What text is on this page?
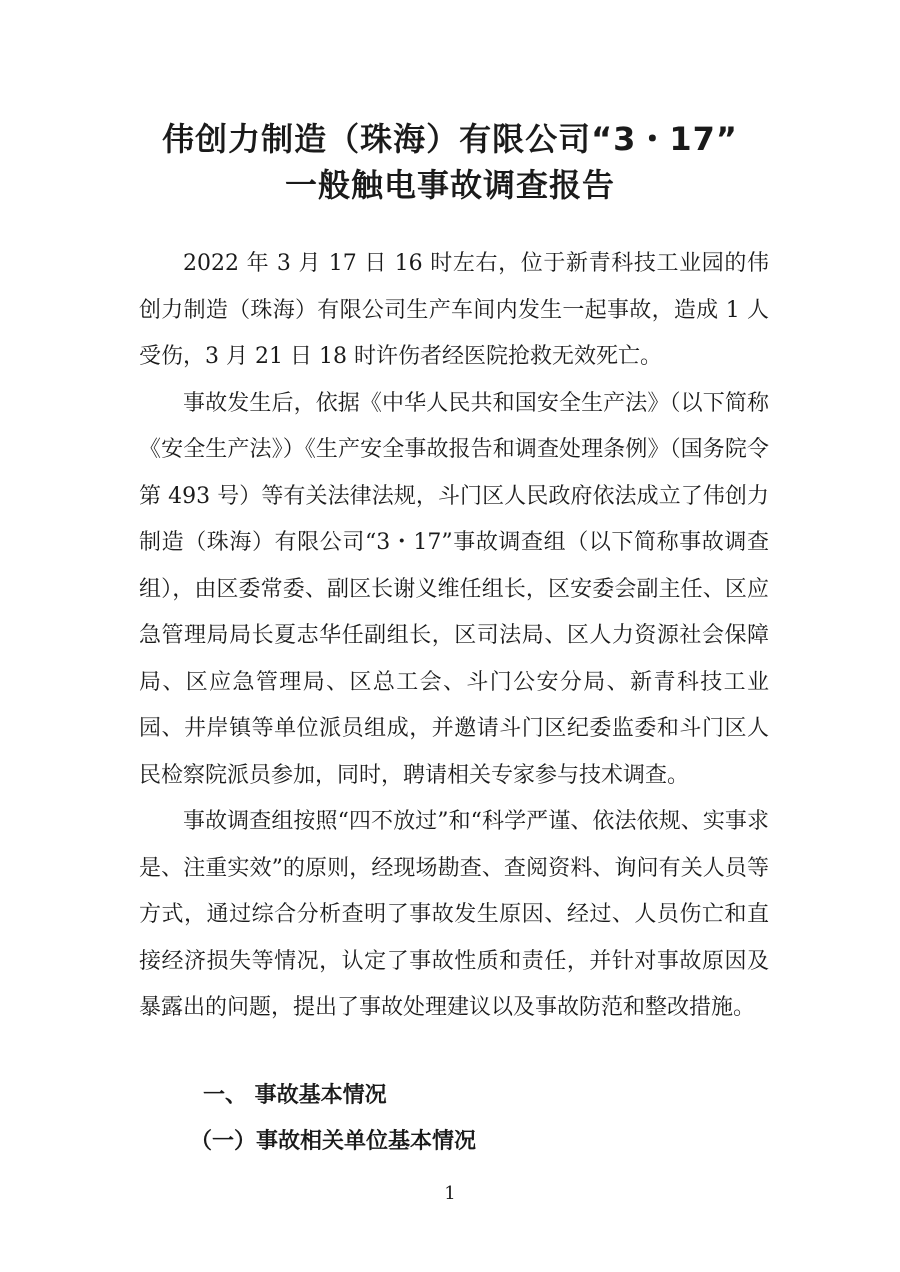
伟创力制造（珠海）有限公司“3・17”
一般触电事故调查报告

2022 年 3 月 17 日 16 时左右，位于新青科技工业园的伟创力制造（珠海）有限公司生产车间内发生一起事故，造成 1 人受伤，3 月 21 日 18 时许伤者经医院抢救无效死亡。

事故发生后，依据《中华人民共和国安全生产法》（以下简称《安全生产法》）《生产安全事故报告和调查处理条例》（国务院令第 493 号）等有关法律法规，斗门区人民政府依法成立了伟创力制造（珠海）有限公司“3・17”事故调查组（以下简称事故调查组），由区委常委、副区长谢义维任组长，区安委会副主任、区应急管理局局长夏志华任副组长，区司法局、区人力资源社会保障局、区应急管理局、区总工会、斗门公安分局、新青科技工业园、井岸镇等单位派员组成，并邀请斗门区纪委监委和斗门区人民检察院派员参加，同时，聘请相关专家参与技术调查。

事故调查组按照“四不放过”和“科学严谨、依法依规、实事求是、注重实效”的原则，经现场勘查、查阅资料、询问有关人员等方式，通过综合分析查明了事故发生原因、经过、人员伤亡和直接经济损失等情况，认定了事故性质和责任，并针对事故原因及暴露出的问题，提出了事故处理建议以及事故防范和整改措施。

一、 事故基本情况
（一）事故相关单位基本情况
1
